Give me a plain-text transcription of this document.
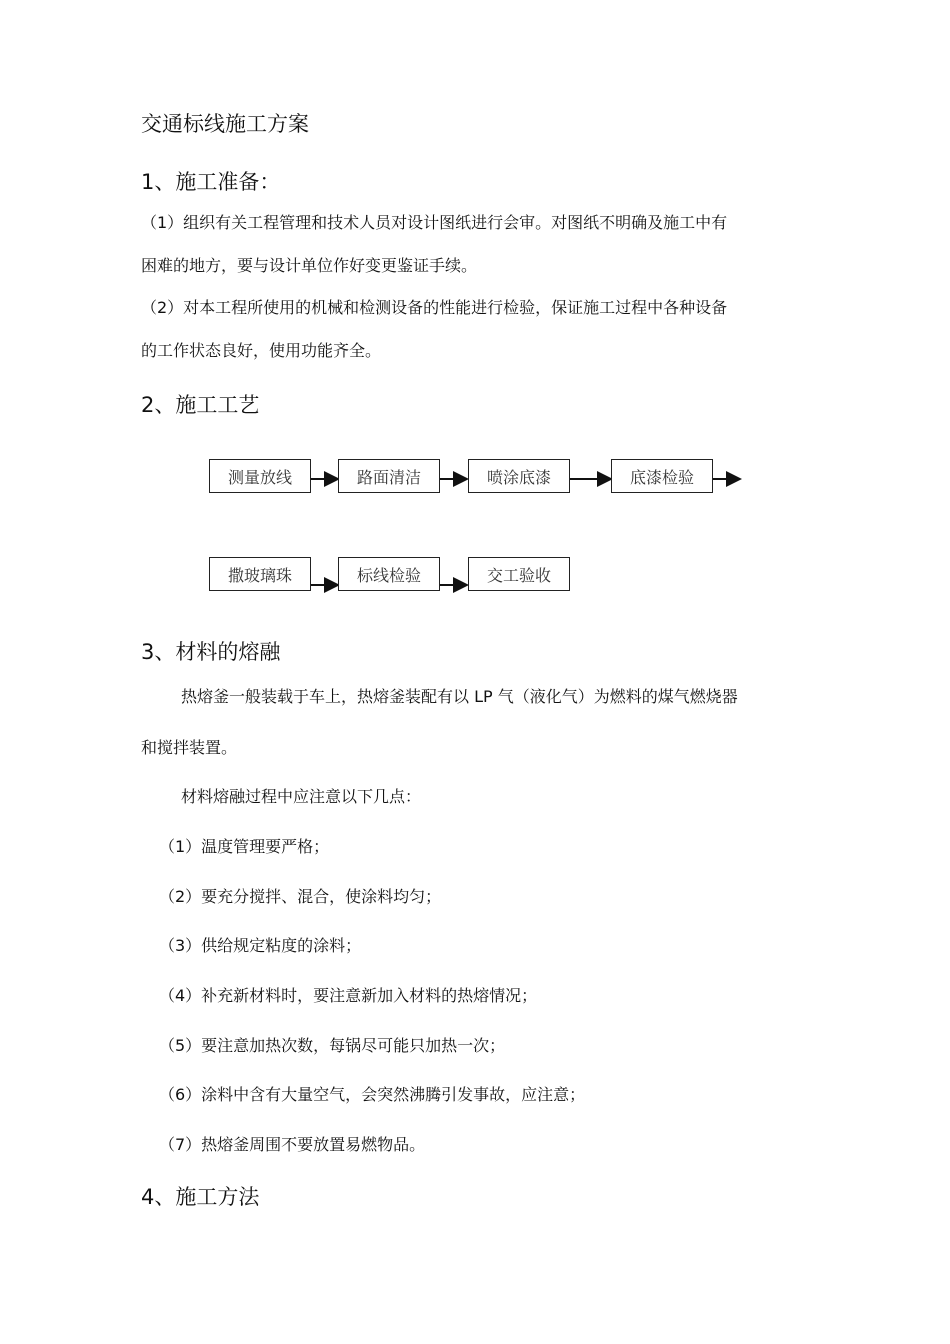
交通标线施工方案
1、施工准备：
（1）组织有关工程管理和技术人员对设计图纸进行会审。对图纸不明确及施工中有
困难的地方，要与设计单位作好变更鉴证手续。
（2）对本工程所使用的机械和检测设备的性能进行检验，保证施工过程中各种设备
的工作状态良好，使用功能齐全。
2、施工工艺
测量放线	路面清洁	喷涂底漆	底漆检验
撒玻璃珠	标线检验	交工验收
3、材料的熔融
热熔釜一般装载于车上，热熔釜装配有以 LP 气（液化气）为燃料的煤气燃烧器
和搅拌装置。
材料熔融过程中应注意以下几点：
（1）温度管理要严格；
（2）要充分搅拌、混合，使涂料均匀；
（3）供给规定粘度的涂料；
（4）补充新材料时，要注意新加入材料的热熔情况；
（5）要注意加热次数，每锅尽可能只加热一次；
（6）涂料中含有大量空气，会突然沸腾引发事故，应注意；
（7）热熔釜周围不要放置易燃物品。
4、施工方法
